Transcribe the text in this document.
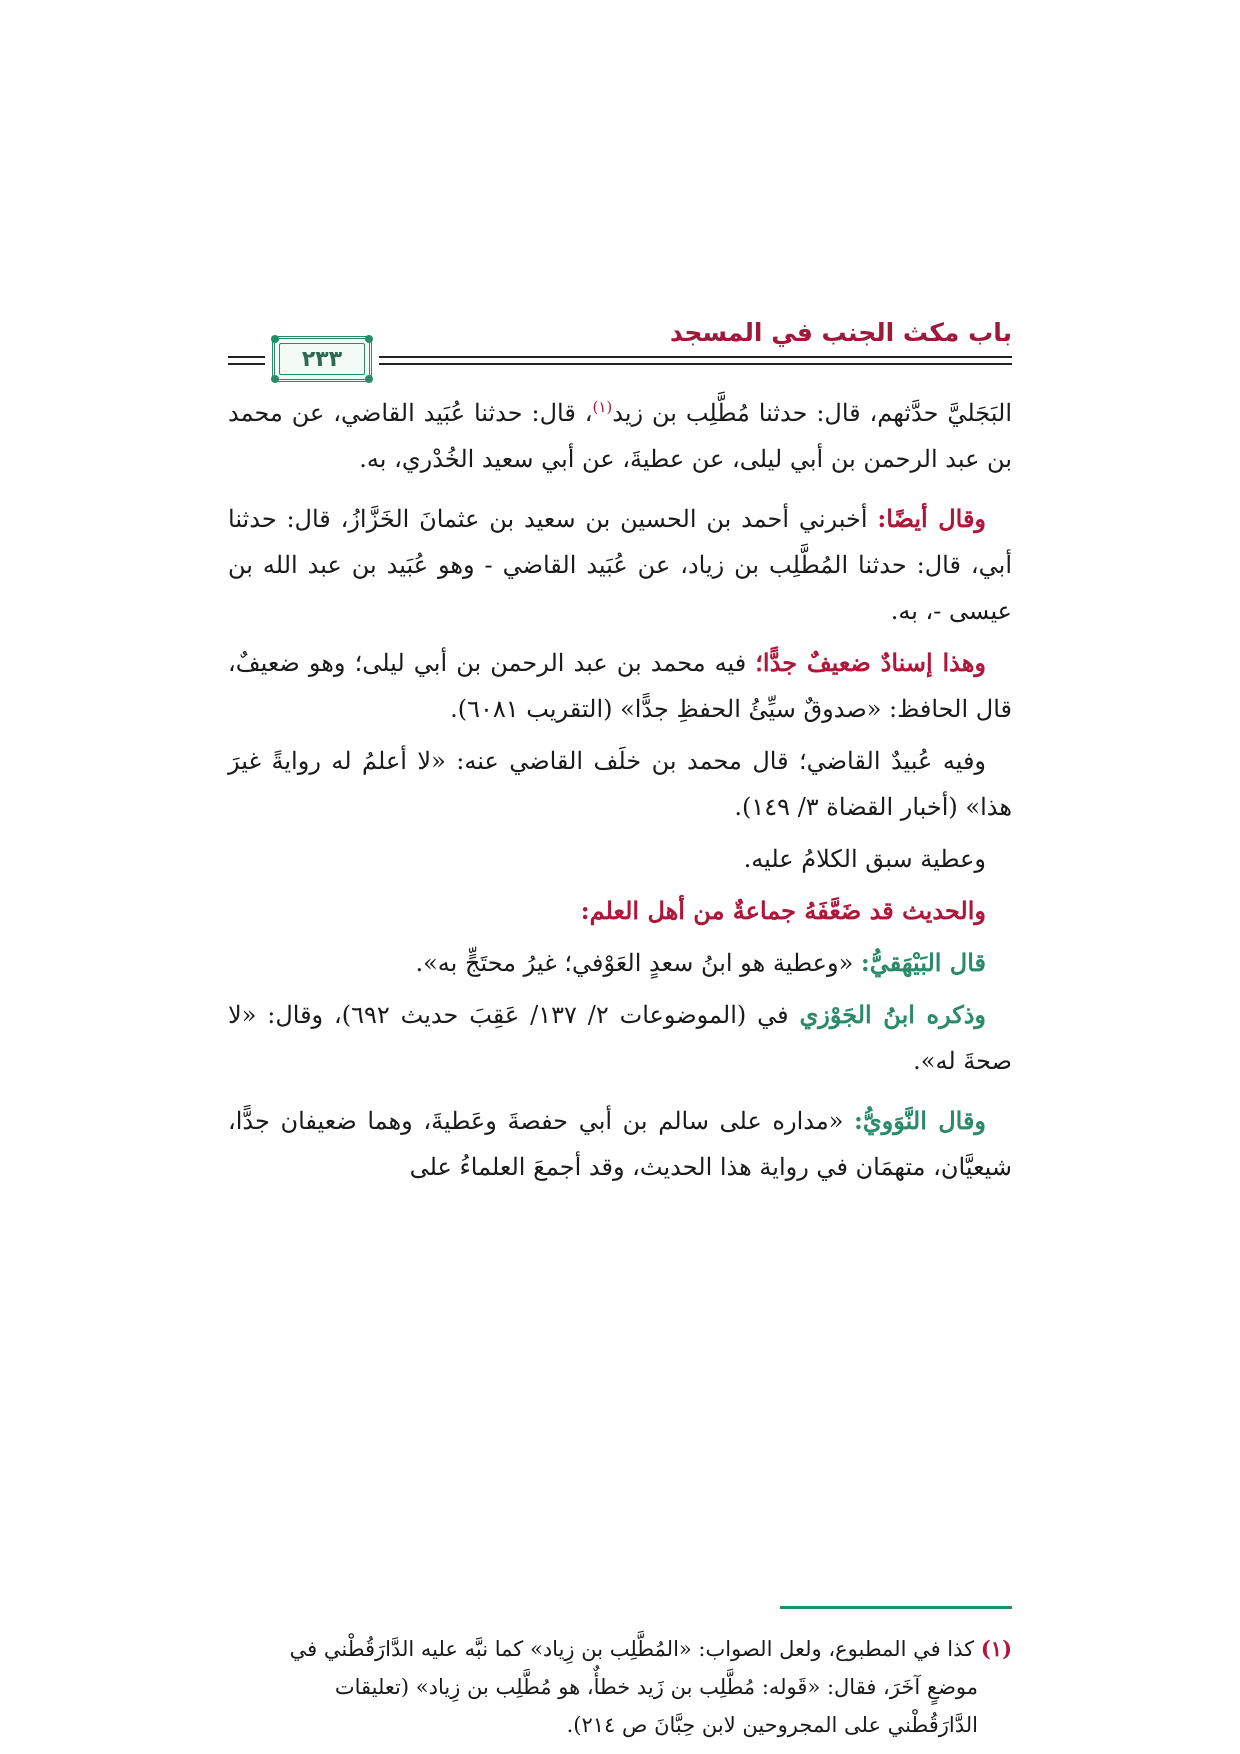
باب مكث الجنب في المسجد
٢٣٣

البَجَليَّ حدَّثهم، قال: حدثنا مُطَّلِب بن زيد$^{(١)}$، قال: حدثنا عُبَيد القاضي، عن محمد بن عبد الرحمن بن أبي ليلى، عن عطيةَ، عن أبي سعيد الخُدْري، به.

وقال أيضًا: أخبرني أحمد بن الحسين بن سعيد بن عثمانَ الخَزَّازُ، قال: حدثنا أبي، قال: حدثنا المُطَّلِب بن زياد، عن عُبَيد القاضي - وهو عُبَيد بن عبد الله بن عيسى -، به.

وهذا إسنادٌ ضعيفٌ جدًّا؛ فيه محمد بن عبد الرحمن بن أبي ليلى؛ وهو ضعيفٌ، قال الحافظ: «صدوقٌ سيِّئُ الحفظِ جدًّا» (التقريب ٦٠٨١).

وفيه عُبيدٌ القاضي؛ قال محمد بن خلَف القاضي عنه: «لا أعلمُ له روايةً غيرَ هذا» (أخبار القضاة ٣/ ١٤٩).

وعطية سبق الكلامُ عليه.

والحديث قد ضَعَّفَهُ جماعةٌ من أهل العلم:

قال البَيْهَقيُّ: «وعطية هو ابنُ سعدٍ العَوْفي؛ غيرُ محتَجٍّ به».

وذكره ابنُ الجَوْزي في (الموضوعات ٢/ ١٣٧/ عَقِبَ حديث ٦٩٢)، وقال: «لا صحةَ له».

وقال النَّوَويُّ: «مداره على سالم بن أبي حفصةَ وعَطيةَ، وهما ضعيفان جدًّا، شيعيَّان، متهمَان في رواية هذا الحديث، وقد أجمعَ العلماءُ على

(١) كذا في المطبوع، ولعل الصواب: «المُطَّلِب بن زِياد» كما نبَّه عليه الدَّارَقُطْني في
موضعٍ آخَرَ، فقال: «قَوله: مُطَّلِب بن زَيد خطأٌ، هو مُطَّلِب بن زِياد» (تعليقات
الدَّارَقُطْني على المجروحين لابن حِبَّانَ ص ٢١٤).
